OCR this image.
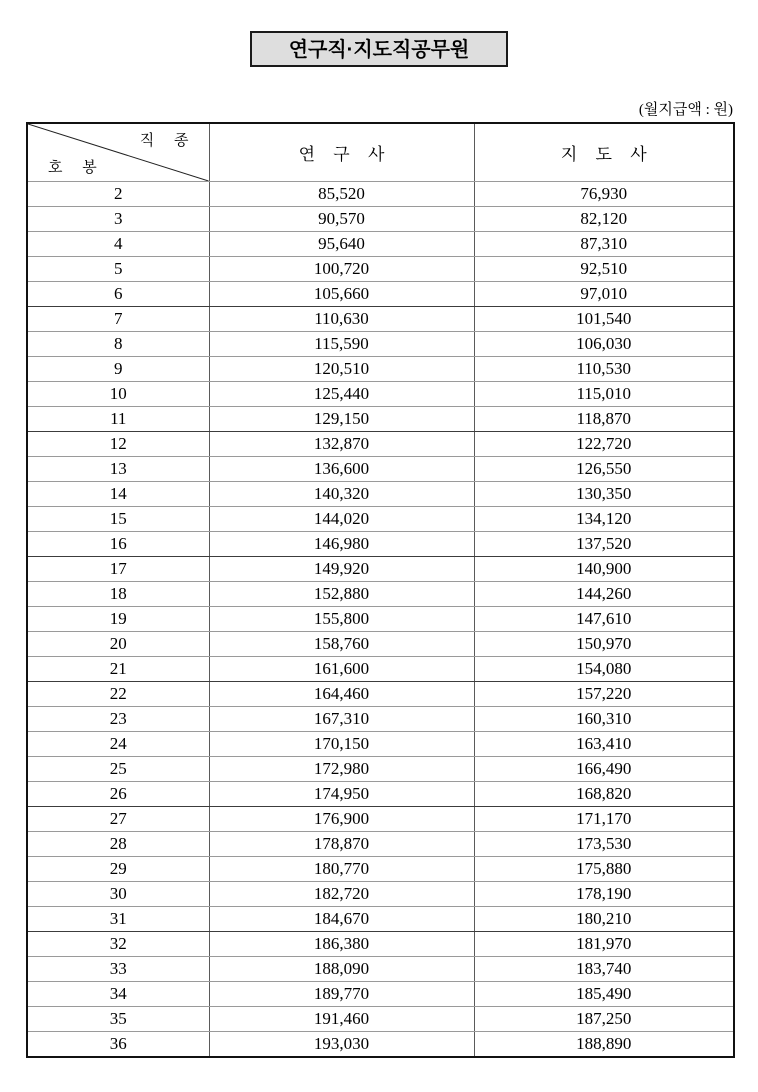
연구직·지도직공무원
(월지급액 : 원)
직 종
호 봉	연 구 사	지 도 사
2	85,520	76,930
3	90,570	82,120
4	95,640	87,310
5	100,720	92,510
6	105,660	97,010
7	110,630	101,540
8	115,590	106,030
9	120,510	110,530
10	125,440	115,010
11	129,150	118,870
12	132,870	122,720
13	136,600	126,550
14	140,320	130,350
15	144,020	134,120
16	146,980	137,520
17	149,920	140,900
18	152,880	144,260
19	155,800	147,610
20	158,760	150,970
21	161,600	154,080
22	164,460	157,220
23	167,310	160,310
24	170,150	163,410
25	172,980	166,490
26	174,950	168,820
27	176,900	171,170
28	178,870	173,530
29	180,770	175,880
30	182,720	178,190
31	184,670	180,210
32	186,380	181,970
33	188,090	183,740
34	189,770	185,490
35	191,460	187,250
36	193,030	188,890
